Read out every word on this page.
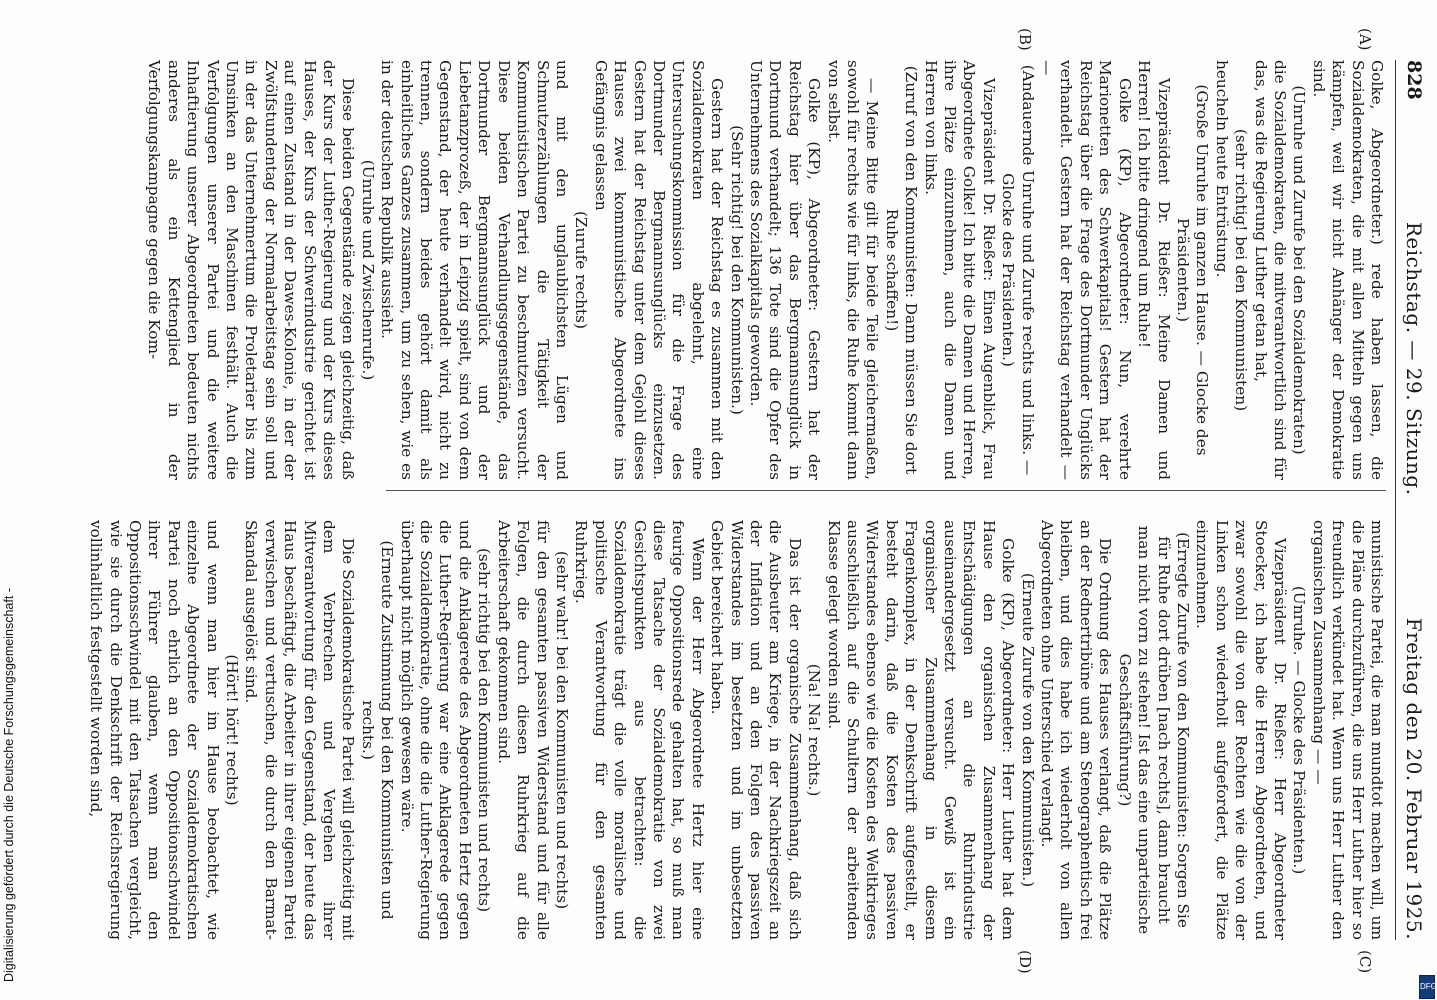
828
Reichstag. — 29. Sitzung.
Freitag den 20. Februar 1925.
(A)
(B)
(C)
(D)

Golke, Abgeordneter.) rede haben lassen, die Sozialdemokraten, die mit allen Mitteln gegen uns kämpfen, weil wir nicht Anhänger der Demokratie sind.

(Unruhe und Zurufe bei den Sozialdemokraten)

die Sozialdemokraten, die mitverantwortlich sind für das, was die Regierung Luther getan hat,

(sehr richtig! bei den Kommunisten)

heucheln heute Entrüstung.

(Große Unruhe im ganzen Hause. — Glocke des Präsidenten.)

Vizepräsident Dr. Rießer: Meine Damen und Herren! Ich bitte dringend um Ruhe!

Golke (KP), Abgeordneter: Nun, verehrte Marionetten des Schwerkapitals! Gestern hat der Reichstag über die Frage des Dortmunder Unglücks verhandelt. Gestern hat der Reichstag verhandelt — —

(Andauernde Unruhe und Zurufe rechts und links. — Glocke des Präsidenten.)

Vizepräsident Dr. Rießer: Einen Augenblick, Frau Abgeordnete Golke! Ich bitte die Damen und Herren, ihre Plätze einzunehmen, auch die Damen und Herren von links.

(Zuruf von den Kommunisten: Dann müssen Sie dort Ruhe schaffen!)

— Meine Bitte gilt für beide Teile gleichermaßen, sowohl für rechts wie für links, die Ruhe kommt dann von selbst.

Golke (KP), Abgeordneter: Gestern hat der Reichstag hier über das Bergmannsunglück in Dortmund verhandelt; 136 Tote sind die Opfer des Unternehmens des Sozialkapitals geworden.

(Sehr richtig! bei den Kommunisten.)

Gestern hat der Reichstag es zusammen mit den Sozialdemokraten abgelehnt, eine Untersuchungskommission für die Frage des Dortmunder Bergmannsunglücks einzusetzen. Gestern hat der Reichstag unter dem Gejohl dieses Hauses zwei kommunistische Abgeordnete ins Gefängnis gelassen

(Zurufe rechts)

und mit den unglaublichsten Lügen und Schmutzerzählungen die Tätigkeit der Kommunistischen Partei zu beschmutzen versucht. Diese beiden Verhandlungsgegenstände, das Dortmunder Bergmannsunglück und der Liebetanzprozeß, der in Leipzig spielt, sind von dem Gegenstand, der heute verhandelt wird, nicht zu trennen, sondern beides gehört damit als einheitliches Ganzes zusammen, um zu sehen, wie es in der deutschen Republik aussieht.

(Unruhe und Zwischenrufe.)

Diese beiden Gegenstände zeigen gleichzeitig, daß der Kurs der Luther-Regierung und der Kurs dieses Hauses, der Kurs der Schwerindustrie gerichtet ist auf einen Zustand in der Dawes-Kolonie, in der der Zwölfstundentag der Normalarbeitstag sein soll und in der das Unternehmertum die Proletarier bis zum Umsinken an den Maschinen festhält. Auch die Verfolgungen unserer Partei und die weitere Inhaftierung unserer Abgeordneten bedeuten nichts anderes als ein Kettenglied in der Verfolgungskampagne gegen die Kom-

munistische Partei, die man mundtot machen will, um die Pläne durchzuführen, die uns Herr Luther hier so freundlich verkündet hat. Wenn uns Herr Luther den organischen Zusammenhang — —

(Unruhe. — Glocke des Präsidenten.)

Vizepräsident Dr. Rießer: Herr Abgeordneter Stoecker, ich habe die Herren Abgeordneten, und zwar sowohl die von der Rechten wie die von der Linken schon wiederholt aufgefordert, die Plätze einzunehmen.

(Erregte Zurufe von den Kommunisten: Sorgen Sie für Ruhe dort drüben [nach rechts], dann braucht man nicht vorn zu stehen! Ist das eine unparteiische Geschäftsführung?)

Die Ordnung des Hauses verlangt, daß die Plätze an der Rednertribüne und am Stenographentisch frei bleiben, und dies habe ich wiederholt von allen Abgeordneten ohne Unterschied verlangt.

(Erneute Zurufe von den Kommunisten.)

Golke (KP), Abgeordneter: Herr Luther hat dem Hause den organischen Zusammenhang der Entschädigungen an die Ruhrindustrie auseinandergesetzt versucht. Gewiß ist ein organischer Zusammenhang in diesem Fragenkomplex, in der Denkschrift aufgestellt, er besteht darin, daß die Kosten des passiven Widerstandes ebenso wie die Kosten des Weltkrieges ausschließlich auf die Schultern der arbeitenden Klasse gelegt worden sind.

(Na! Na! rechts.)

Das ist der organische Zusammenhang, daß sich die Ausbeuter am Kriege, in der Nachkriegszeit an der Inflation und an den Folgen des passiven Widerstandes im besetzten und im unbesetzten Gebiet bereichert haben.

Wenn der Herr Abgeordnete Hertz hier eine feurige Oppositionsrede gehalten hat, so muß man diese Tatsache der Sozialdemokratie von zwei Gesichtspunkten aus betrachten: die Sozialdemokratie trägt die volle moralische und politische Verantwortung für den gesamten Ruhrkrieg.

(sehr wahr! bei den Kommunisten und rechts)

für den gesamten passiven Widerstand und für alle Folgen, die durch diesen Ruhrkrieg auf die Arbeiterschaft gekommen sind.

(sehr richtig bei den Kommunisten und rechts)

und die Anklagerede des Abgeordneten Hertz gegen die Luther-Regierung war eine Anklagerede gegen die Sozialdemokratie, ohne die die Luther-Regierung überhaupt nicht möglich gewesen wäre.

(Erneute Zustimmung bei den Kommunisten und rechts.)

Die Sozialdemokratische Partei will gleichzeitig mit dem Verbrechen und Vergehen ihrer Mitverantwortung für den Gegenstand, der heute das Haus beschäftigt, die Arbeiter in ihrer eigenen Partei verwischen und vertuschen, die durch den Barmat-Skandal ausgelöst sind.

(Hört! hört! rechts)

und wenn man hier im Hause beobachtet, wie einzelne Abgeordnete der Sozialdemokratischen Partei noch ehrlich an den Oppositionsschwindel ihrer Führer glauben, wenn man den Oppositionsschwindel mit den Tatsachen vergleicht, wie sie durch die Denkschrift der Reichsregierung vollinhaltlich festgestellt worden sind,

DFG
Digitalisierung gefördert durch die Deutsche Forschungsgemeinschaft -
